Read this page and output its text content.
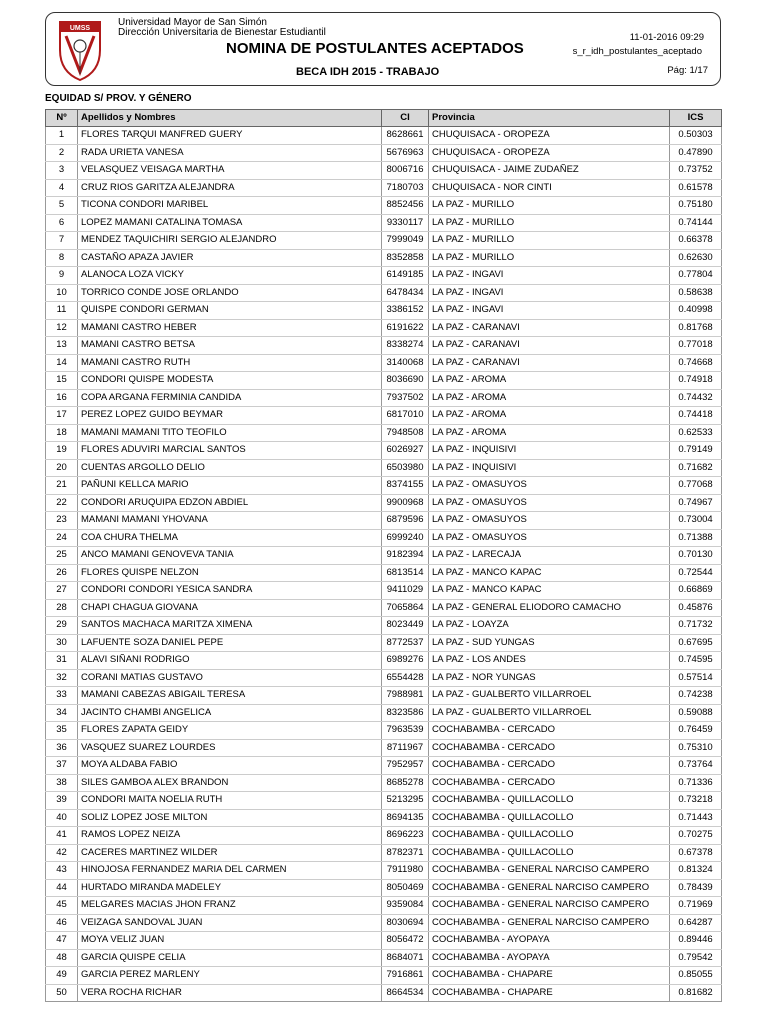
UMSS
Universidad Mayor de San Simón
Dirección Universitaria de Bienestar Estudiantil
NOMINA DE POSTULANTES ACEPTADOS
BECA IDH 2015 - TRABAJO
11-01-2016 09:29
s_r_idh_postulantes_aceptado
Pág: 1/17
EQUIDAD S/ PROV. Y GÉNERO
Nº	Apellidos y Nombres	CI	Provincia	ICS
1	FLORES TARQUI MANFRED GUERY	8628661	CHUQUISACA - OROPEZA	0.50303
2	RADA URIETA VANESA	5676963	CHUQUISACA - OROPEZA	0.47890
3	VELASQUEZ VEISAGA MARTHA	8006716	CHUQUISACA - JAIME ZUDAÑEZ	0.73752
4	CRUZ RIOS GARITZA ALEJANDRA	7180703	CHUQUISACA - NOR CINTI	0.61578
5	TICONA CONDORI MARIBEL	8852456	LA PAZ - MURILLO	0.75180
6	LOPEZ MAMANI CATALINA TOMASA	9330117	LA PAZ - MURILLO	0.74144
7	MENDEZ TAQUICHIRI SERGIO ALEJANDRO	7999049	LA PAZ - MURILLO	0.66378
8	CASTAÑO APAZA JAVIER	8352858	LA PAZ - MURILLO	0.62630
9	ALANOCA LOZA VICKY	6149185	LA PAZ - INGAVI	0.77804
10	TORRICO CONDE JOSE ORLANDO	6478434	LA PAZ - INGAVI	0.58638
11	QUISPE CONDORI GERMAN	3386152	LA PAZ - INGAVI	0.40998
12	MAMANI CASTRO HEBER	6191622	LA PAZ - CARANAVI	0.81768
13	MAMANI CASTRO BETSA	8338274	LA PAZ - CARANAVI	0.77018
14	MAMANI CASTRO RUTH	3140068	LA PAZ - CARANAVI	0.74668
15	CONDORI QUISPE MODESTA	8036690	LA PAZ - AROMA	0.74918
16	COPA ARGANA FERMINIA CANDIDA	7937502	LA PAZ - AROMA	0.74432
17	PEREZ LOPEZ GUIDO BEYMAR	6817010	LA PAZ - AROMA	0.74418
18	MAMANI MAMANI TITO TEOFILO	7948508	LA PAZ - AROMA	0.62533
19	FLORES ADUVIRI MARCIAL SANTOS	6026927	LA PAZ - INQUISIVI	0.79149
20	CUENTAS ARGOLLO DELIO	6503980	LA PAZ - INQUISIVI	0.71682
21	PAÑUNI KELLCA MARIO	8374155	LA PAZ - OMASUYOS	0.77068
22	CONDORI ARUQUIPA EDZON ABDIEL	9900968	LA PAZ - OMASUYOS	0.74967
23	MAMANI MAMANI YHOVANA	6879596	LA PAZ - OMASUYOS	0.73004
24	COA CHURA THELMA	6999240	LA PAZ - OMASUYOS	0.71388
25	ANCO MAMANI GENOVEVA TANIA	9182394	LA PAZ - LARECAJA	0.70130
26	FLORES QUISPE NELZON	6813514	LA PAZ - MANCO KAPAC	0.72544
27	CONDORI CONDORI YESICA SANDRA	9411029	LA PAZ - MANCO KAPAC	0.66869
28	CHAPI CHAGUA GIOVANA	7065864	LA PAZ - GENERAL ELIODORO CAMACHO	0.45876
29	SANTOS MACHACA MARITZA XIMENA	8023449	LA PAZ - LOAYZA	0.71732
30	LAFUENTE SOZA DANIEL PEPE	8772537	LA PAZ - SUD YUNGAS	0.67695
31	ALAVI SIÑANI RODRIGO	6989276	LA PAZ - LOS ANDES	0.74595
32	CORANI MATIAS GUSTAVO	6554428	LA PAZ - NOR YUNGAS	0.57514
33	MAMANI CABEZAS ABIGAIL TERESA	7988981	LA PAZ - GUALBERTO VILLARROEL	0.74238
34	JACINTO CHAMBI ANGELICA	8323586	LA PAZ - GUALBERTO VILLARROEL	0.59088
35	FLORES ZAPATA GEIDY	7963539	COCHABAMBA - CERCADO	0.76459
36	VASQUEZ SUAREZ LOURDES	8711967	COCHABAMBA - CERCADO	0.75310
37	MOYA ALDABA FABIO	7952957	COCHABAMBA - CERCADO	0.73764
38	SILES GAMBOA ALEX BRANDON	8685278	COCHABAMBA - CERCADO	0.71336
39	CONDORI MAITA NOELIA RUTH	5213295	COCHABAMBA - QUILLACOLLO	0.73218
40	SOLIZ LOPEZ JOSE MILTON	8694135	COCHABAMBA - QUILLACOLLO	0.71443
41	RAMOS LOPEZ NEIZA	8696223	COCHABAMBA - QUILLACOLLO	0.70275
42	CACERES MARTINEZ WILDER	8782371	COCHABAMBA - QUILLACOLLO	0.67378
43	HINOJOSA FERNANDEZ MARIA DEL CARMEN	7911980	COCHABAMBA - GENERAL NARCISO CAMPERO	0.81324
44	HURTADO MIRANDA MADELEY	8050469	COCHABAMBA - GENERAL NARCISO CAMPERO	0.78439
45	MELGARES MACIAS JHON FRANZ	9359084	COCHABAMBA - GENERAL NARCISO CAMPERO	0.71969
46	VEIZAGA SANDOVAL JUAN	8030694	COCHABAMBA - GENERAL NARCISO CAMPERO	0.64287
47	MOYA VELIZ JUAN	8056472	COCHABAMBA - AYOPAYA	0.89446
48	GARCIA QUISPE CELIA	8684071	COCHABAMBA - AYOPAYA	0.79542
49	GARCIA PEREZ MARLENY	7916861	COCHABAMBA - CHAPARE	0.85055
50	VERA ROCHA RICHAR	8664534	COCHABAMBA - CHAPARE	0.81682
